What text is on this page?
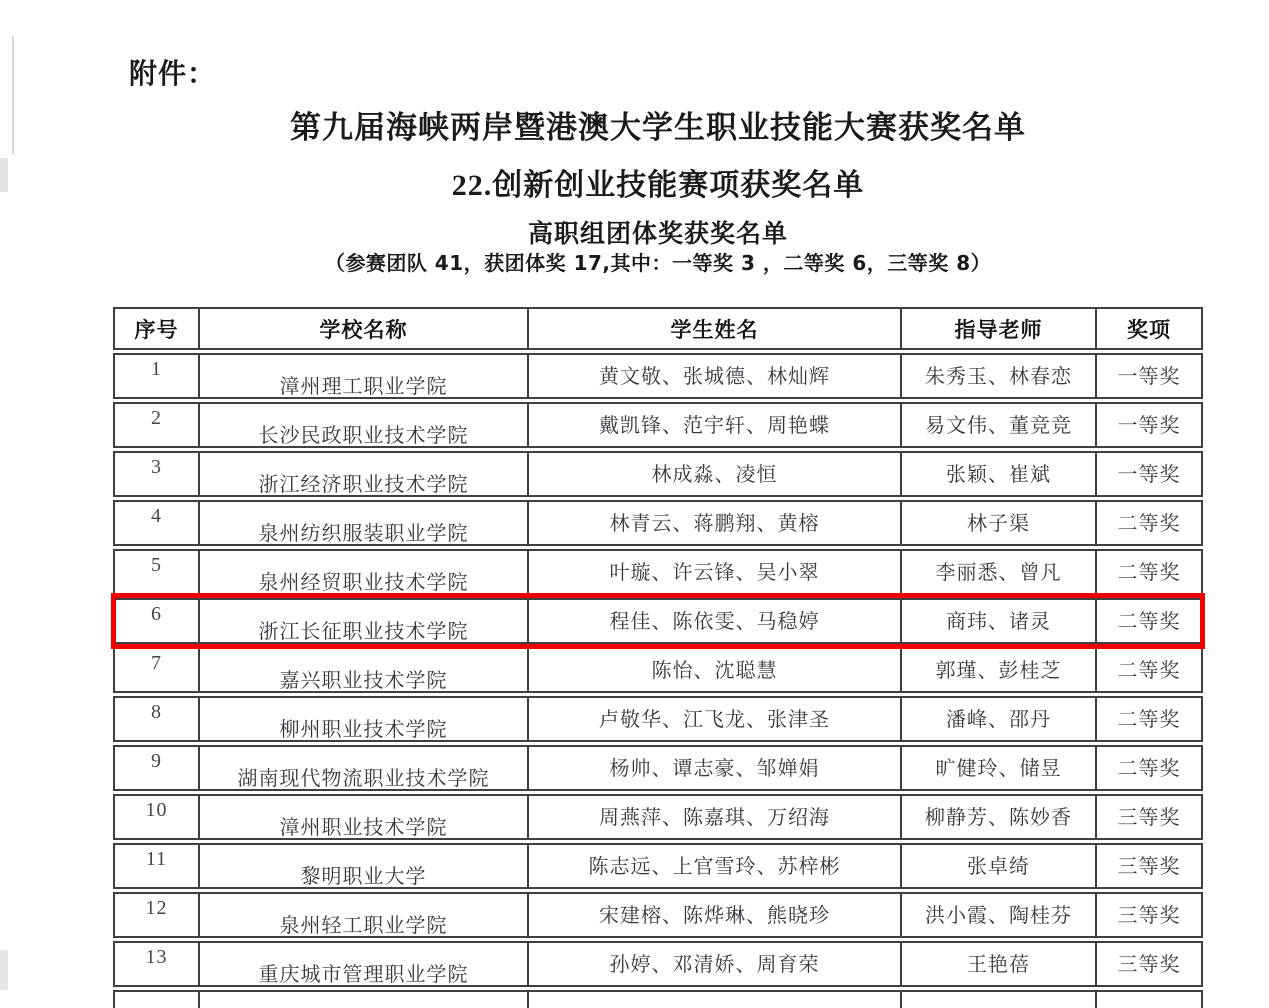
附件：
第九届海峡两岸暨港澳大学生职业技能大赛获奖名单
22.创新创业技能赛项获奖名单
高职组团体奖获奖名单
（参赛团队 41，获团体奖 17,其中：一等奖 3 ，二等奖 6，三等奖 8）
序号	学校名称	学生姓名	指导老师	奖项
1	漳州理工职业学院	黄文敬、张城德、林灿辉	朱秀玉、林春恋	一等奖
2	长沙民政职业技术学院	戴凯锋、范宇轩、周艳蝶	易文伟、董竞竞	一等奖
3	浙江经济职业技术学院	林成淼、凌恒	张颖、崔斌	一等奖
4	泉州纺织服装职业学院	林青云、蒋鹏翔、黄榕	林子渠	二等奖
5	泉州经贸职业技术学院	叶璇、许云锋、吴小翠	李丽悉、曾凡	二等奖
6	浙江长征职业技术学院	程佳、陈依雯、马稳婷	商玮、诸灵	二等奖
7	嘉兴职业技术学院	陈怡、沈聪慧	郭瑾、彭桂芝	二等奖
8	柳州职业技术学院	卢敬华、江飞龙、张津圣	潘峰、邵丹	二等奖
9	湖南现代物流职业技术学院	杨帅、谭志豪、邹婵娟	旷健玲、储昱	二等奖
10	漳州职业技术学院	周燕萍、陈嘉琪、万绍海	柳静芳、陈妙香	三等奖
11	黎明职业大学	陈志远、上官雪玲、苏梓彬	张卓绮	三等奖
12	泉州轻工职业学院	宋建榕、陈烨琳、熊晓珍	洪小霞、陶桂芬	三等奖
13	重庆城市管理职业学院	孙婷、邓清娇、周育荣	王艳蓓	三等奖
